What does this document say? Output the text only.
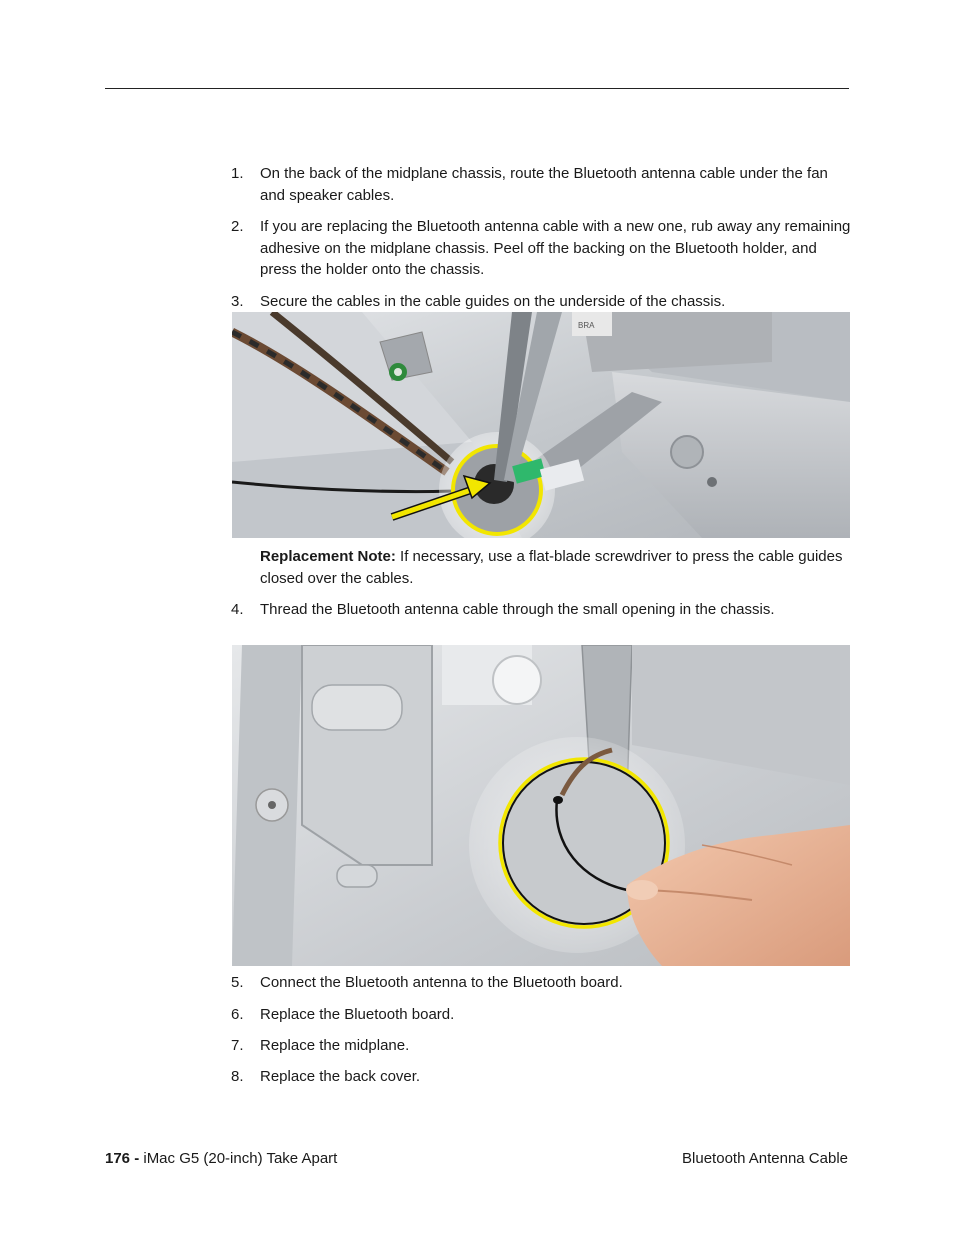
1.	On the back of the midplane chassis, route the Bluetooth antenna cable under the fan and speaker cables.
2.	If you are replacing the Bluetooth antenna cable with a new one, rub away any remaining adhesive on the midplane chassis. Peel off the backing on the Bluetooth holder, and press the holder onto the chassis.
3.	Secure the cables in the cable guides on the underside of the chassis.
BRA
Replacement Note: If necessary, use a flat-blade screwdriver to press the cable guides closed over the cables.
4.	Thread the Bluetooth antenna cable through the small opening in the chassis.
5.	Connect the Bluetooth antenna to the Bluetooth board.
6.	Replace the Bluetooth board.
7.	Replace the midplane.
8.	Replace the back cover.
176 - iMac G5 (20-inch) Take Apart	Bluetooth Antenna Cable
